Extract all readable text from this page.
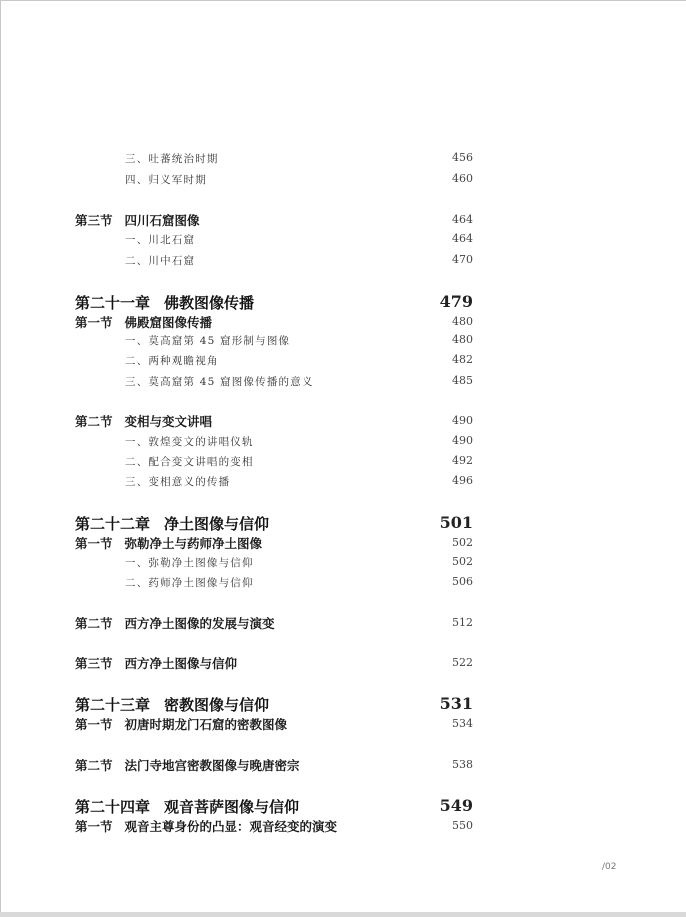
三、吐蕃统治时期	456
四、归义军时期	460
第三节 四川石窟图像	464
一、川北石窟	464
二、川中石窟	470
第二十一章 佛教图像传播	479
第一节 佛殿窟图像传播	480
一、莫高窟第 45 窟形制与图像	480
二、两种观瞻视角	482
三、莫高窟第 45 窟图像传播的意义	485
第二节 变相与变文讲唱	490
一、敦煌变文的讲唱仪轨	490
二、配合变文讲唱的变相	492
三、变相意义的传播	496
第二十二章 净土图像与信仰	501
第一节 弥勒净土与药师净土图像	502
一、弥勒净土图像与信仰	502
二、药师净土图像与信仰	506
第二节 西方净土图像的发展与演变	512
第三节 西方净土图像与信仰	522
第二十三章 密教图像与信仰	531
第一节 初唐时期龙门石窟的密教图像	534
第二节 法门寺地宫密教图像与晚唐密宗	538
第二十四章 观音菩萨图像与信仰	549
第一节 观音主尊身份的凸显：观音经变的演变	550
/02
